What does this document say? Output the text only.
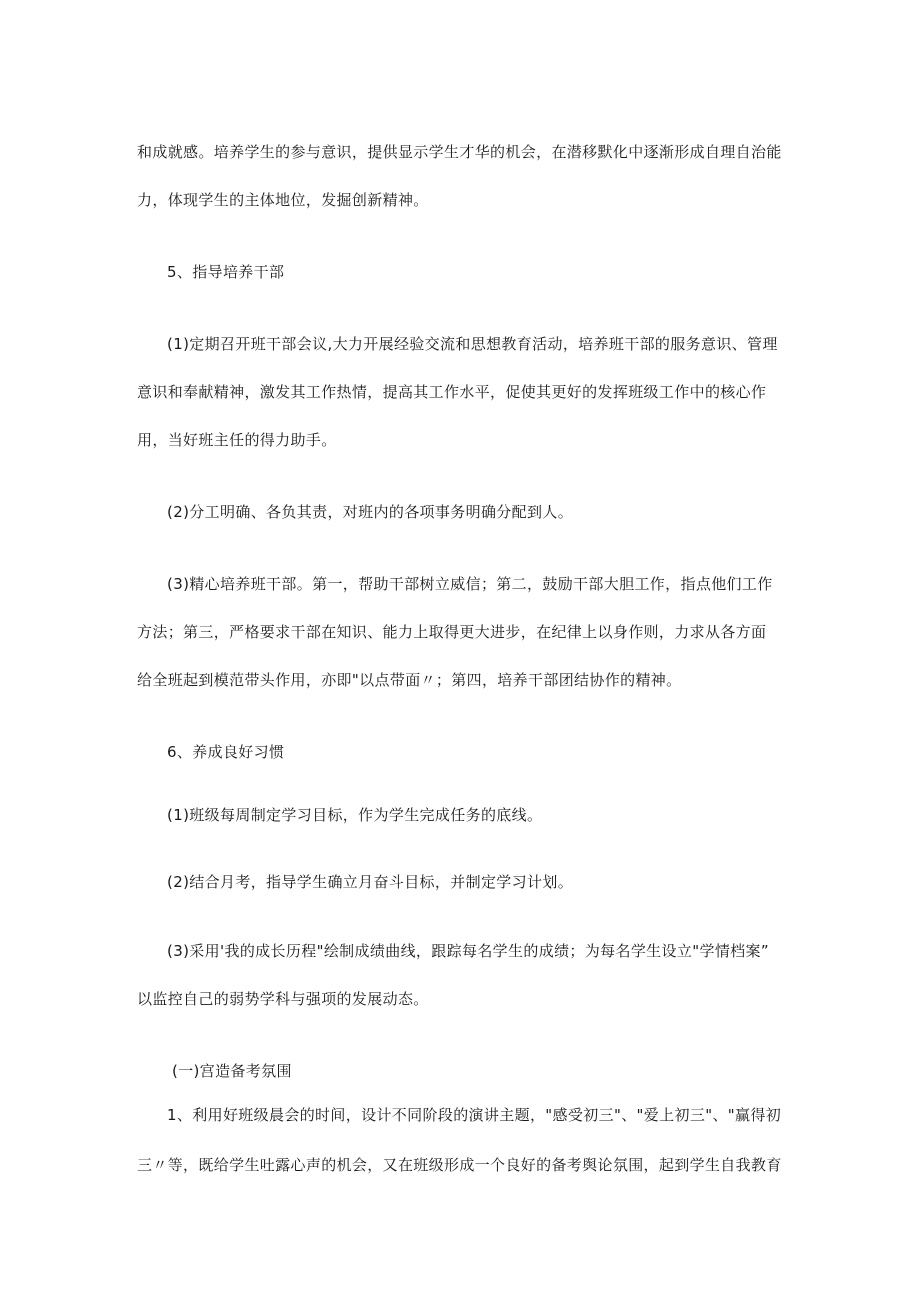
和成就感。培养学生的参与意识，提供显示学生才华的机会，在潜移默化中逐渐形成自理自治能
力，体现学生的主体地位，发掘创新精神。
5、指导培养干部
(1)定期召开班干部会议,大力开展经验交流和思想教育活动，培养班干部的服务意识、管理
意识和奉献精神，激发其工作热情，提高其工作水平，促使其更好的发挥班级工作中的核心作
用，当好班主任的得力助手。
(2)分工明确、各负其责，对班内的各项事务明确分配到人。
(3)精心培养班干部。第一，帮助干部树立威信；第二，鼓励干部大胆工作，指点他们工作
方法；第三，严格要求干部在知识、能力上取得更大进步，在纪律上以身作则，力求从各方面
给全班起到模范带头作用，亦即"以点带面〃；第四，培养干部团结协作的精神。
6、养成良好习惯
(1)班级每周制定学习目标，作为学生完成任务的底线。
(2)结合月考，指导学生确立月奋斗目标，并制定学习计划。
(3)采用'我的成长历程"绘制成绩曲线，跟踪每名学生的成绩；为每名学生设立"学情档案”
以监控自己的弱势学科与强项的发展动态。
(一)宫造备考氛围
1、利用好班级晨会的时间，设计不同阶段的演讲主题，"感受初三"、"爱上初三"、"赢得初
三〃等，既给学生吐露心声的机会，又在班级形成一个良好的备考舆论氛围，起到学生自我教育
